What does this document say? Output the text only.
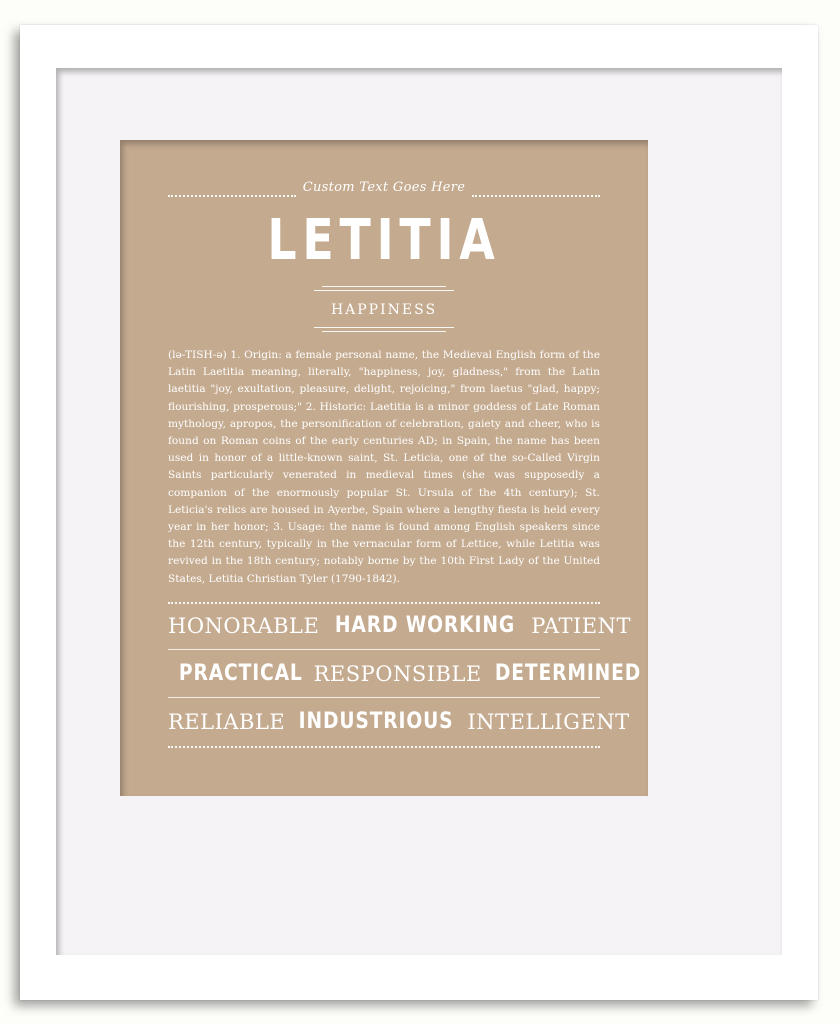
Custom Text Goes Here
LETITIA
HAPPINESS
(lə-TISH-ə) 1. Origin: a female personal name, the Medieval English form of the Latin Laetitia meaning, literally, "happiness, joy, gladness," from the Latin laetitia "joy, exultation, pleasure, delight, rejoicing," from laetus "glad, happy; flourishing, prosperous;" 2. Historic: Laetitia is a minor goddess of Late Roman mythology, apropos, the personification of celebration, gaiety and cheer, who is found on Roman coins of the early centuries AD; in Spain, the name has been used in honor of a little-known saint, St. Leticia, one of the so-Called Virgin Saints particularly venerated in medieval times (she was supposedly a companion of the enormously popular St. Ursula of the 4th century); St. Leticia's relics are housed in Ayerbe, Spain where a lengthy fiesta is held every year in her honor; 3. Usage: the name is found among English speakers since the 12th century, typically in the vernacular form of Lettice, while Letitia was revived in the 18th century; notably borne by the 10th First Lady of the United States, Letitia Christian Tyler (1790-1842).
HONORABLE HARD WORKING PATIENT
PRACTICAL RESPONSIBLE DETERMINED
RELIABLE INDUSTRIOUS INTELLIGENT
